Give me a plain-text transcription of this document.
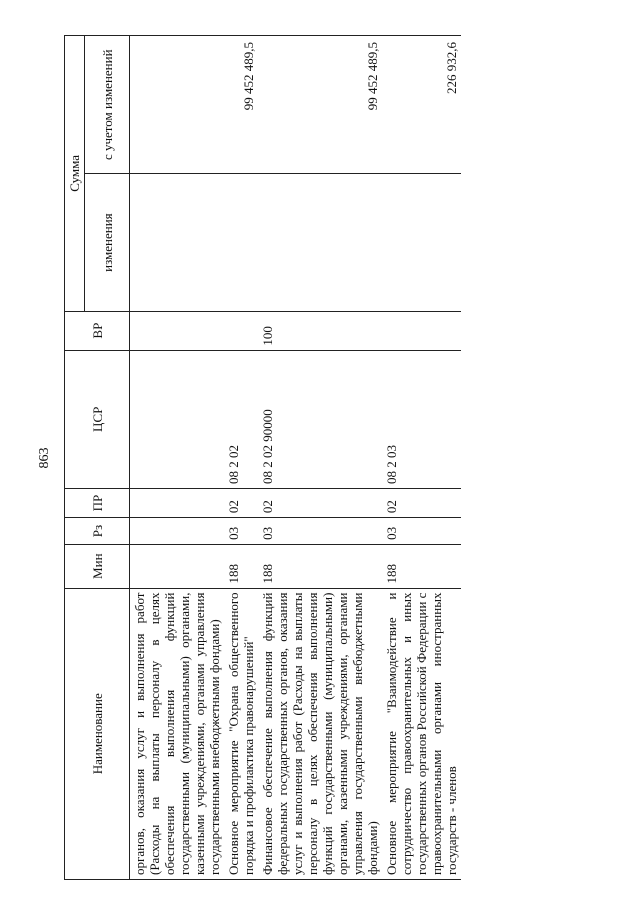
863
Наименование	Мин	Рз	ПР	ЦСР	ВР	Сумма	
						изменения	с учетом изменений
органов, оказания услуг и выполнения работ (Расходы на выплаты персоналу в целях обеспечения выполнения функций государственными (муниципальными) органами, казенными учреждениями, органами управления государственными внебюджетными фондами)							
Основное мероприятие "Охрана общественного порядка и профилактика правонарушений"	188	03	02	08 2 02			99 452 489,5
Финансовое обеспечение выполнения функций федеральных государственных органов, оказания услуг и выполнения работ (Расходы на выплаты персоналу в целях обеспечения выполнения функций государственными (муниципальными) органами, казенными учреждениями, органами управления государственными внебюджетными фондами)	188	03	02	08 2 02 90000	100		99 452 489,5
Основное мероприятие "Взаимодействие и сотрудничество правоохранительных и иных государственных органов Российской Федерации с правоохранительными органами иностранных государств - членов	188	03	02	08 2 03			226 932,6
